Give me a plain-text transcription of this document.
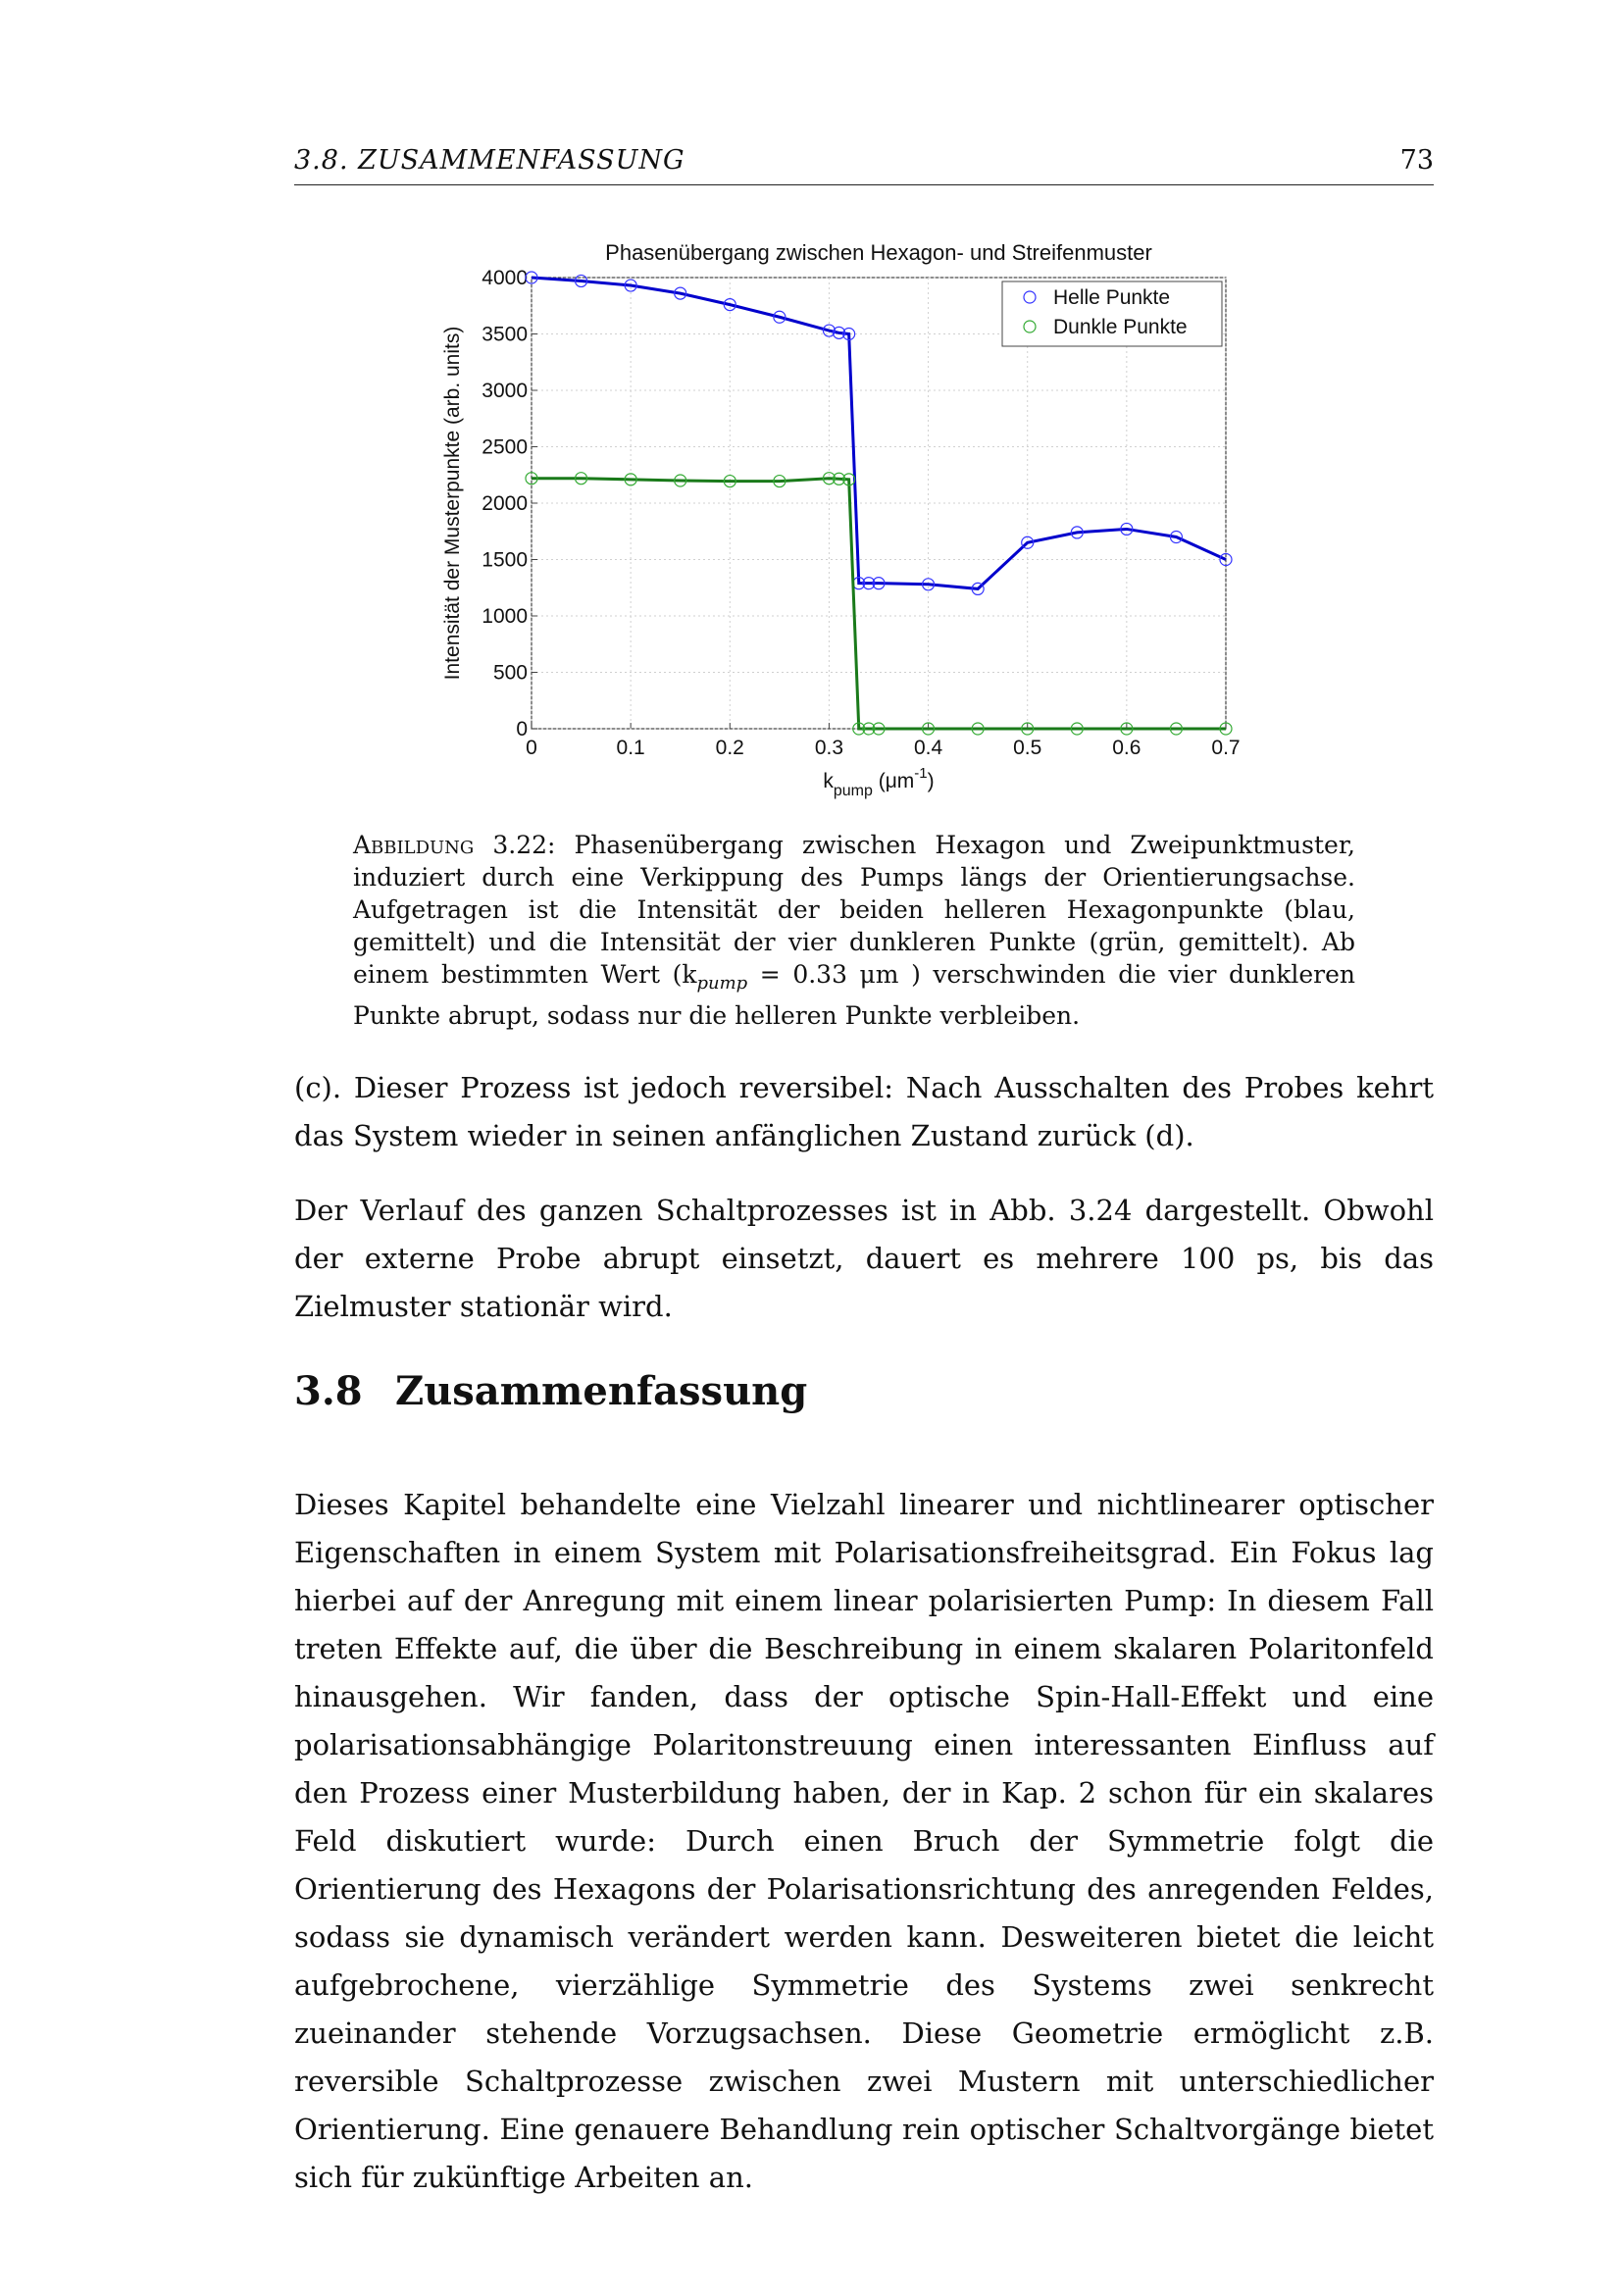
3.8. ZUSAMMENFASSUNG	73
0	0.1	0.2	0.3	0.4	0.5	0.6	0.7
0
500
1000
1500
2000
2500
3000
3500
4000
Phasenübergang zwischen Hexagon- und Streifenmuster
Intensität der Musterpunkte (arb. units)
$k_{pump}$ $(\mu m^{-1})$
Helle Punkte
Dunkle Punkte
Abbildung 3.22: Phasenübergang zwischen Hexagon und Zweipunktmuster, induziert durch eine Verkippung des Pumps längs der Orientierungsachse. Aufgetragen ist die Intensität der beiden helleren Hexagonpunkte (blau, gemittelt) und die Intensität der vier dunkleren Punkte (grün, gemittelt). Ab einem bestimmten Wert ($k_{pump} = 0.33$ μm ) verschwinden die vier dunkleren Punkte abrupt, sodass nur die helleren Punkte verbleiben.

(c). Dieser Prozess ist jedoch reversibel: Nach Ausschalten des Probes kehrt das System wieder in seinen anfänglichen Zustand zurück (d).

Der Verlauf des ganzen Schaltprozesses ist in Abb. 3.24 dargestellt. Obwohl der externe Probe abrupt einsetzt, dauert es mehrere 100 ps, bis das Zielmuster stationär wird.

3.8 Zusammenfassung

Dieses Kapitel behandelte eine Vielzahl linearer und nichtlinearer optischer Eigenschaften in einem System mit Polarisationsfreiheitsgrad. Ein Fokus lag hierbei auf der Anregung mit einem linear polarisierten Pump: In diesem Fall treten Effekte auf, die über die Beschreibung in einem skalaren Polaritonfeld hinausgehen. Wir fanden, dass der optische Spin-Hall-Effekt und eine polarisationsabhängige Polaritonstreuung einen interessanten Einfluss auf den Prozess einer Musterbildung haben, der in Kap. 2 schon für ein skalares Feld diskutiert wurde: Durch einen Bruch der Symmetrie folgt die Orientierung des Hexagons der Polarisationsrichtung des anregenden Feldes, sodass sie dynamisch verändert werden kann. Desweiteren bietet die leicht aufgebrochene, vierzählige Symmetrie des Systems zwei senkrecht zueinander stehende Vorzugsachsen. Diese Geometrie ermöglicht z.B. reversible Schaltprozesse zwischen zwei Mustern mit unterschiedlicher Orientierung. Eine genauere Behandlung rein optischer Schaltvorgänge bietet sich für zukünftige Arbeiten an.
